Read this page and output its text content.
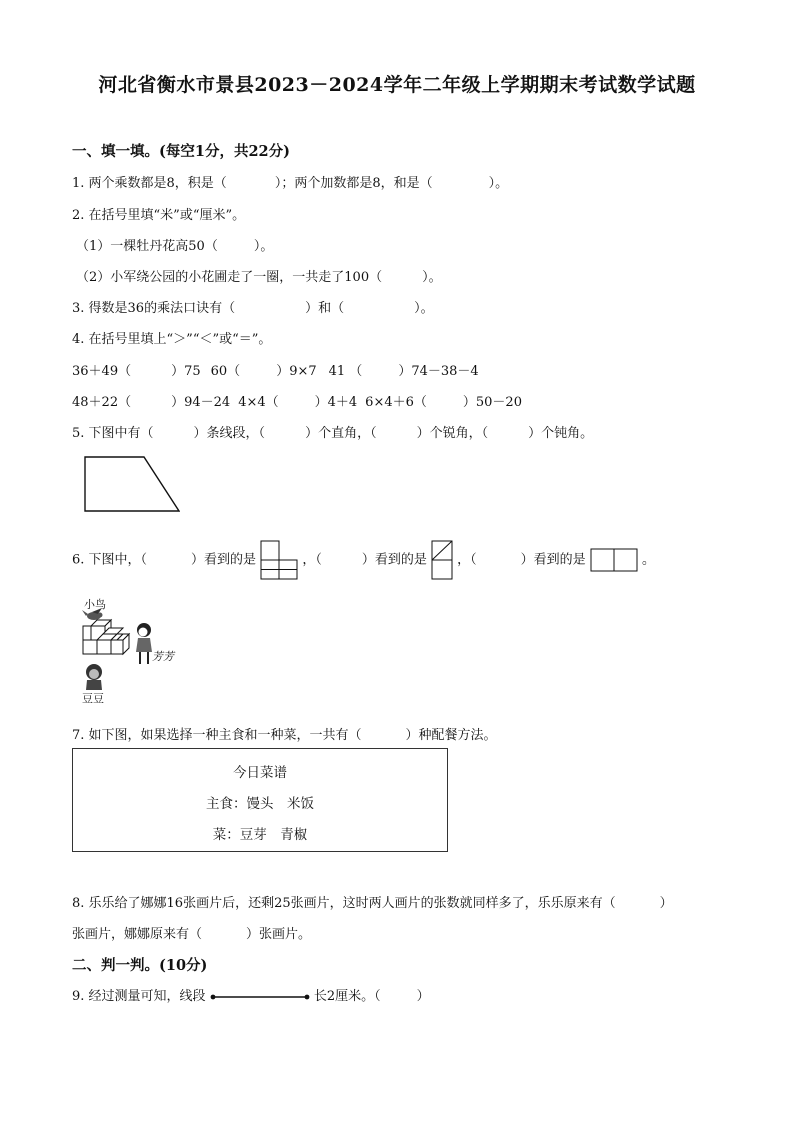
河北省衡水市景县2023－2024学年二年级上学期期末考试数学试题
一、填一填。(每空1分，共22分)
1. 两个乘数都是8，积是（	）；两个加数都是8，和是（	）。
2. 在括号里填“米”或“厘米”。
（1）一棵牡丹花高50（	）。
（2）小军绕公园的小花圃走了一圈，一共走了100（	）。
3. 得数是36的乘法口诀有（	）和（	）。
4. 在括号里填上“＞”“＜”或“＝”。
36＋49（	）75 60（	）9×7 41 （	）74－38－4
48＋22（	）94－24 4×4（	）4＋4 6×4＋6（	）50－20
5. 下图中有（	）条线段，（	）个直角，（	）个锐角，（	）个钝角。
6. 下图中，（	）看到的是	，（	）看到的是 ，（	）看到的是	。
小鸟
芳芳
豆豆
7. 如下图，如果选择一种主食和一种菜，一共有（	）种配餐方法。
今日菜谱
主食：馒头　米饭
菜：豆芽　青椒
8. 乐乐给了娜娜16张画片后，还剩25张画片，这时两人画片的张数就同样多了，乐乐原来有（	）
张画片，娜娜原来有（	）张画片。
二、判一判。(10分)
9. 经过测量可知，线段	长2厘米。（	）
